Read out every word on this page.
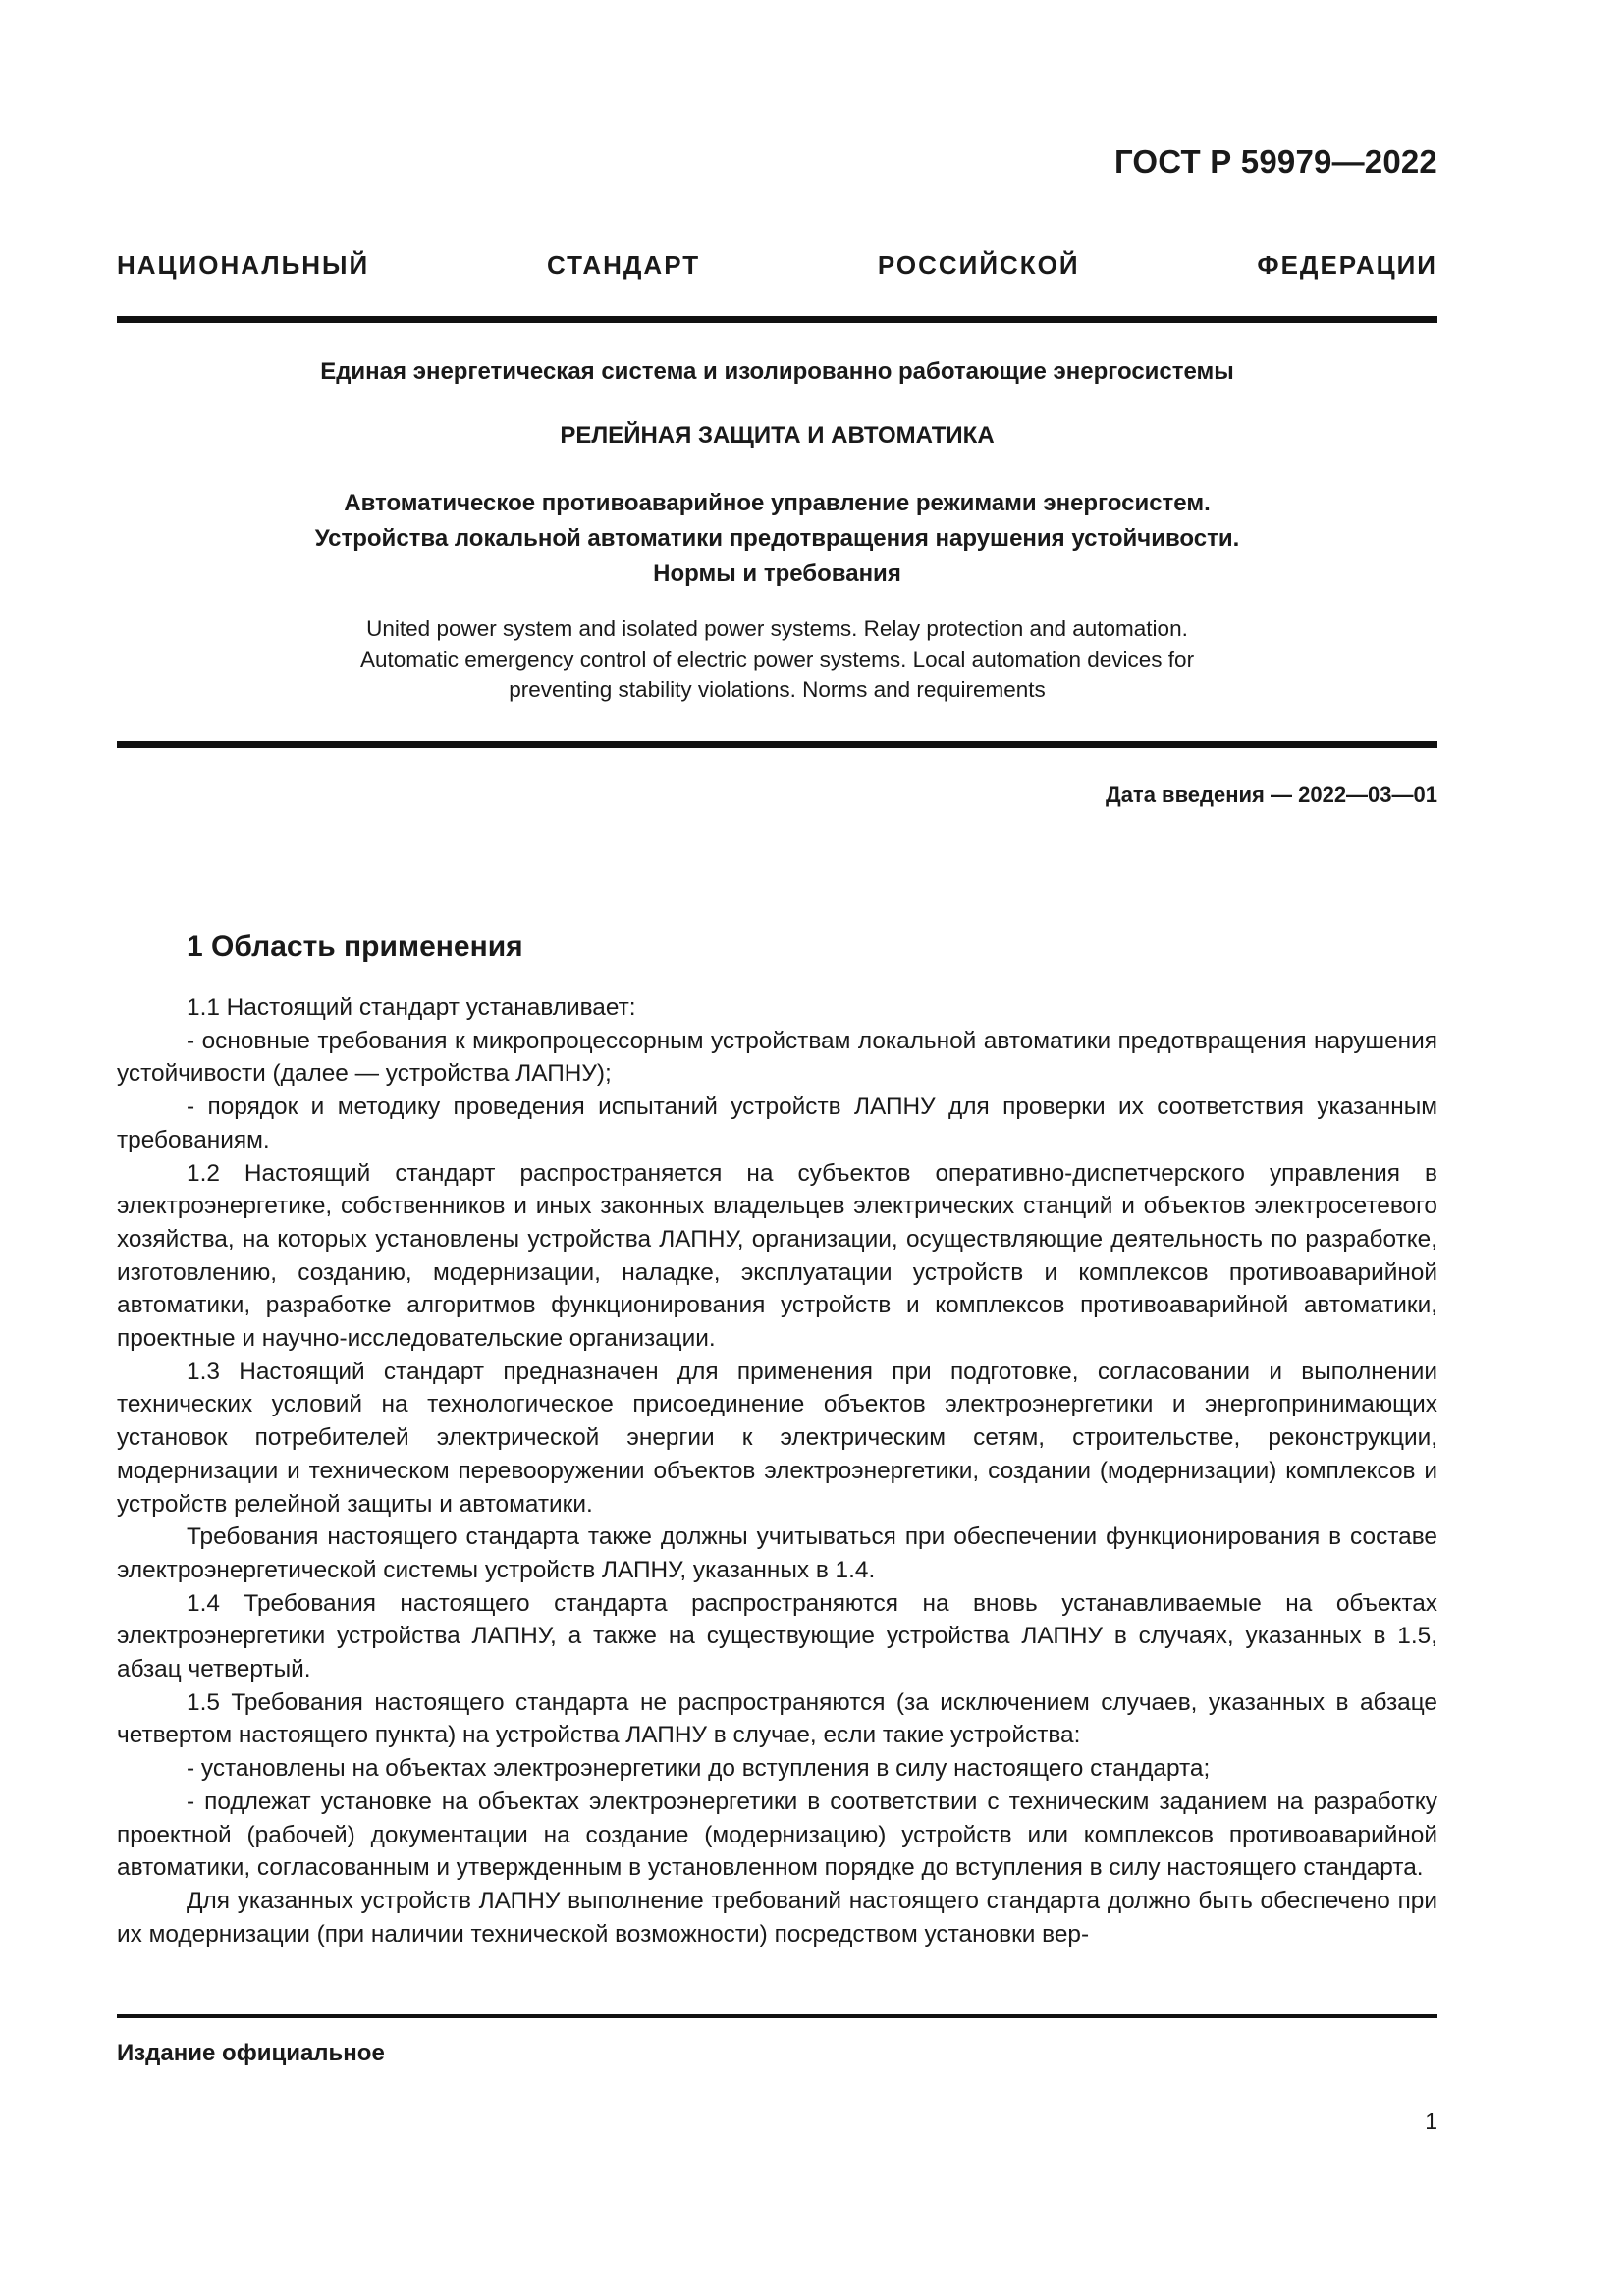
ГОСТ Р 59979—2022
НАЦИОНАЛЬНЫЙ СТАНДАРТ РОССИЙСКОЙ ФЕДЕРАЦИИ
Единая энергетическая система и изолированно работающие энергосистемы
РЕЛЕЙНАЯ ЗАЩИТА И АВТОМАТИКА
Автоматическое противоаварийное управление режимами энергосистем.
Устройства локальной автоматики предотвращения нарушения устойчивости.
Нормы и требования
United power system and isolated power systems. Relay protection and automation.
Automatic emergency control of electric power systems. Local automation devices for
preventing stability violations. Norms and requirements
Дата введения — 2022—03—01
1 Область применения

1.1 Настоящий стандарт устанавливает:

- основные требования к микропроцессорным устройствам локальной автоматики предотвращения нарушения устойчивости (далее — устройства ЛАПНУ);

- порядок и методику проведения испытаний устройств ЛАПНУ для проверки их соответствия указанным требованиям.

1.2 Настоящий стандарт распространяется на субъектов оперативно-диспетчерского управления в электроэнергетике, собственников и иных законных владельцев электрических станций и объектов электросетевого хозяйства, на которых установлены устройства ЛАПНУ, организации, осуществляющие деятельность по разработке, изготовлению, созданию, модернизации, наладке, эксплуатации устройств и комплексов противоаварийной автоматики, разработке алгоритмов функционирования устройств и комплексов противоаварийной автоматики, проектные и научно-исследовательские организации.

1.3 Настоящий стандарт предназначен для применения при подготовке, согласовании и выполнении технических условий на технологическое присоединение объектов электроэнергетики и энергопринимающих установок потребителей электрической энергии к электрическим сетям, строительстве, реконструкции, модернизации и техническом перевооружении объектов электроэнергетики, создании (модернизации) комплексов и устройств релейной защиты и автоматики.

Требования настоящего стандарта также должны учитываться при обеспечении функционирования в составе электроэнергетической системы устройств ЛАПНУ, указанных в 1.4.

1.4 Требования настоящего стандарта распространяются на вновь устанавливаемые на объектах электроэнергетики устройства ЛАПНУ, а также на существующие устройства ЛАПНУ в случаях, указанных в 1.5, абзац четвертый.

1.5 Требования настоящего стандарта не распространяются (за исключением случаев, указанных в абзаце четвертом настоящего пункта) на устройства ЛАПНУ в случае, если такие устройства:

- установлены на объектах электроэнергетики до вступления в силу настоящего стандарта;

- подлежат установке на объектах электроэнергетики в соответствии с техническим заданием на разработку проектной (рабочей) документации на создание (модернизацию) устройств или комплексов противоаварийной автоматики, согласованным и утвержденным в установленном порядке до вступления в силу настоящего стандарта.

Для указанных устройств ЛАПНУ выполнение требований настоящего стандарта должно быть обеспечено при их модернизации (при наличии технической возможности) посредством установки вер-

Издание официальное
1
